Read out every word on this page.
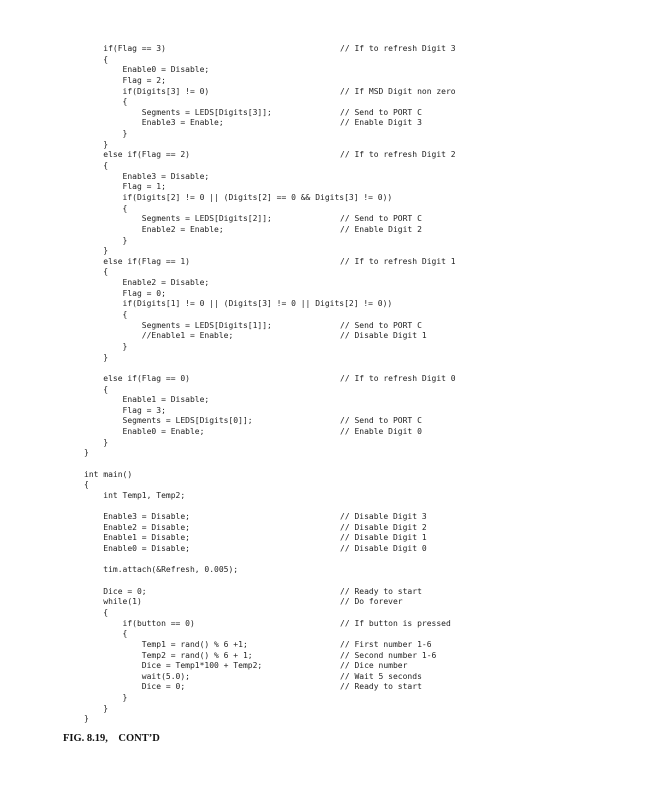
if(Flag == 3)	// If to refresh Digit 3
{
Enable0 = Disable;
Flag = 2;
if(Digits[3] != 0)	// If MSD Digit non zero
{
Segments = LEDS[Digits[3]];	// Send to PORT C
Enable3 = Enable;	// Enable Digit 3
}
}
else if(Flag == 2)	// If to refresh Digit 2
{
Enable3 = Disable;
Flag = 1;
if(Digits[2] != 0 || (Digits[2] == 0 && Digits[3] != 0))
{
Segments = LEDS[Digits[2]];	// Send to PORT C
Enable2 = Enable;	// Enable Digit 2
}
}
else if(Flag == 1)	// If to refresh Digit 1
{
Enable2 = Disable;
Flag = 0;
if(Digits[1] != 0 || (Digits[3] != 0 || Digits[2] != 0))
{
Segments = LEDS[Digits[1]];	// Send to PORT C
//Enable1 = Enable;	// Disable Digit 1
}
}
else if(Flag == 0)	// If to refresh Digit 0
{
Enable1 = Disable;
Flag = 3;
Segments = LEDS[Digits[0]];	// Send to PORT C
Enable0 = Enable;	// Enable Digit 0
}
}
int main()
{
int Temp1, Temp2;
Enable3 = Disable;	// Disable Digit 3
Enable2 = Disable;	// Disable Digit 2
Enable1 = Disable;	// Disable Digit 1
Enable0 = Disable;	// Disable Digit 0
tim.attach(&Refresh, 0.005);
Dice = 0;	// Ready to start
while(1)	// Do forever
{
if(button == 0)	// If button is pressed
{
Temp1 = rand() % 6 +1;	// First number 1-6
Temp2 = rand() % 6 + 1;	// Second number 1-6
Dice = Temp1*100 + Temp2;	// Dice number
wait(5.0);	// Wait 5 seconds
Dice = 0;	// Ready to start
}
}
}
FIG. 8.19,    CONT’D
